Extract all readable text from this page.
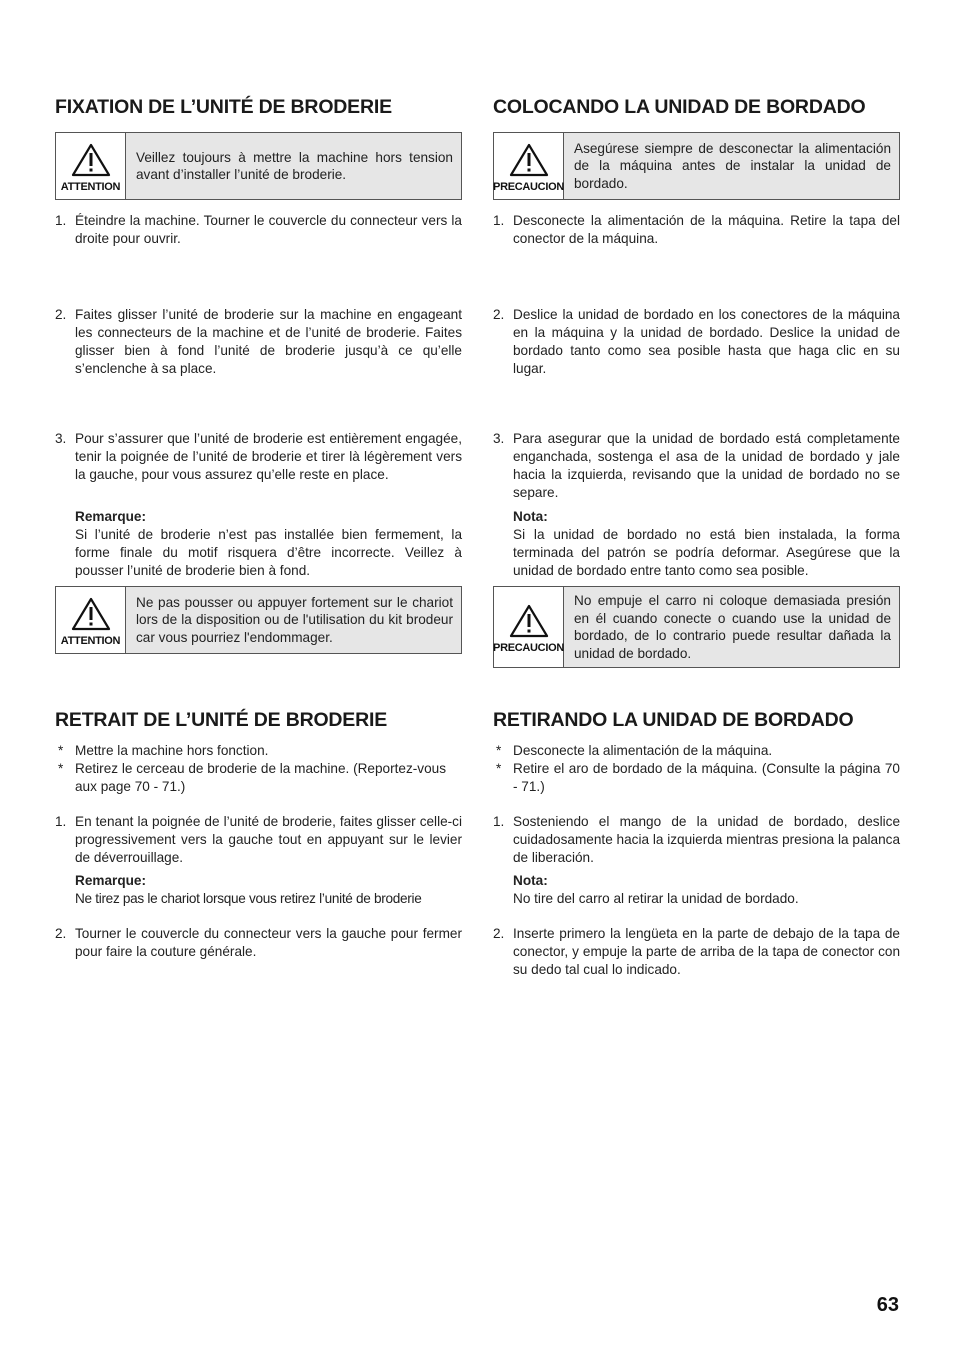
FIXATION DE L’UNITÉ DE BRODERIE
ATTENTION
Veillez toujours à mettre la machine hors tension avant d’installer l’unité de broderie.
1. Éteindre la machine. Tourner le couvercle du connecteur vers la droite pour ouvrir.
2. Faites glisser l’unité de broderie sur la machine en engageant les connecteurs de la machine et de l’unité de broderie. Faites glisser bien à fond l’unité de broderie jusqu’à ce qu’elle s’enclenche à sa place.
3. Pour s’assurer que l’unité de broderie est entièrement engagée, tenir la poignée de l’unité de broderie et tirer là légèrement vers la gauche, pour vous assurez qu’elle reste en place.
Remarque:
Si l’unité de broderie n’est pas installée bien fermement, la forme finale du motif risquera d’être incorrecte. Veillez à pousser l’unité de broderie bien à fond.
ATTENTION
Ne pas pousser ou appuyer fortement sur le chariot lors de la disposition ou de l'utilisation du kit brodeur car vous pourriez l'endommager.
RETRAIT DE L’UNITÉ DE BRODERIE
* Mettre la machine hors fonction.
* Retirez le cerceau de broderie de la machine. (Reportez-vous aux page 70 - 71.)
1. En tenant la poignée de l’unité de broderie, faites glisser celle-ci progressivement vers la gauche tout en appuyant sur le levier de déverrouillage.
Remarque:
Ne tirez pas le chariot lorsque vous retirez l’unité de broderie
2. Tourner le couvercle du connecteur vers la gauche pour fermer pour faire la couture générale.
COLOCANDO LA UNIDAD DE BORDADO
PRECAUCION
Asegúrese siempre de desconectar la alimentación de la máquina antes de instalar la unidad de bordado.
1. Desconecte la alimentación de la máquina. Retire la tapa del conector de la máquina.
2. Deslice la unidad de bordado en los conectores de la máquina en la máquina y la unidad de bordado. Deslice la unidad de bordado tanto como sea posible hasta que haga clic en su lugar.
3. Para asegurar que la unidad de bordado está completamente enganchada, sostenga el asa de la unidad de bordado y jale hacia la izquierda, revisando que la unidad de bordado no se separe.
Nota:
Si la unidad de bordado no está bien instalada, la forma terminada del patrón se podría deformar. Asegúrese que la unidad de bordado entre tanto como sea posible.
PRECAUCION
No empuje el carro ni coloque demasiada presión en él cuando conecte o cuando use la unidad de bordado, de lo contrario puede resultar dañada la unidad de bordado.
RETIRANDO LA UNIDAD DE BORDADO
* Desconecte la alimentación de la máquina.
* Retire el aro de bordado de la máquina. (Consulte la página 70 - 71.)
1. Sosteniendo el mango de la unidad de bordado, deslice cuidadosamente hacia la izquierda mientras presiona la palanca de liberación.
Nota:
No tire del carro al retirar la unidad de bordado.
2. Inserte primero la lengüeta en la parte de debajo de la tapa de conector, y empuje la parte de arriba de la tapa de conector con su dedo tal cual lo indicado.
63
